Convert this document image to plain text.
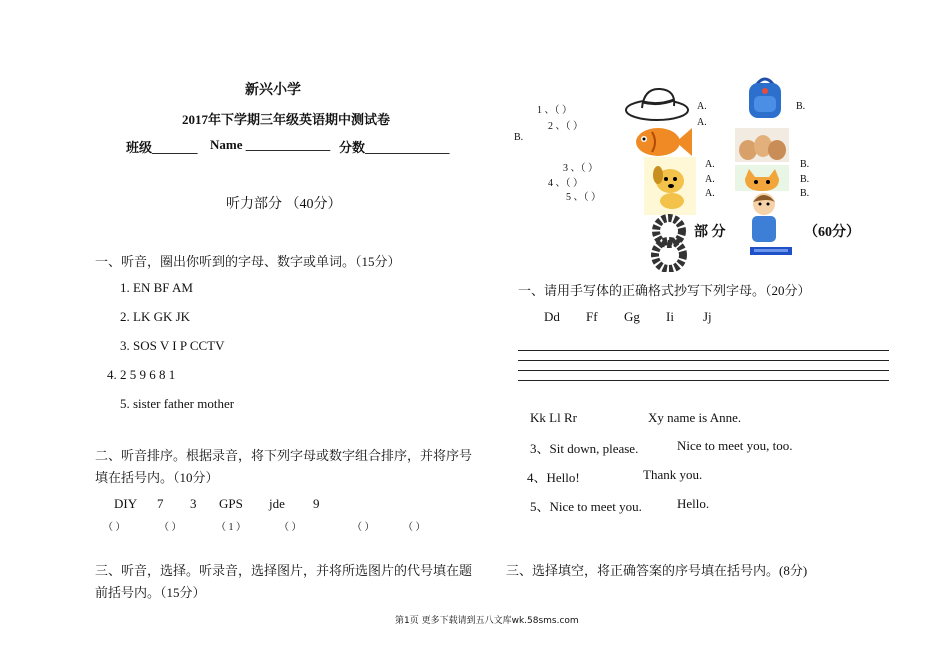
新兴小学
2017年下学期三年级英语期中测试卷
班级_______ Name _____________ 分数_____________
听力部分 （40分）
一、听音，圈出你听到的字母、数字或单词。（15分）
1. EN BF AM
2. LK GK JK
3. SOS V I P CCTV
4. 2 5 9 6 8 1
5. sister father mother
二、听音排序。根据录音，将下列字母或数字组合排序，并将序号
填在括号内。（10分）
DIY 7 3 GPS jde 9
（ ）	（ ）	（ 1 ）	（ ）	（ ）	（ ）
三、听音，选择。听录音，选择图片，并将所选图片的代号填在题
前括号内。（15分）
1 、（ ）	A.	B.
2 、（ ）	A.
B.
3 、（ ）	A.	B.
4 、（ ）	A.	B.
5 、（ ）	A.	B.
部 分	（60分）
一、请用手写体的正确格式抄写下列字母。（20分）
Dd Ff Gg Ii Jj
Kk Ll Rr	Xy name is Anne.
3、Sit down, please.	Nice to meet you, too.
4、Hello!	Thank you.
5、Nice to meet you.	Hello.
三、选择填空，将正确答案的序号填在括号内。(8分)
第1页 更多下载请到五八文库wk.58sms.com
